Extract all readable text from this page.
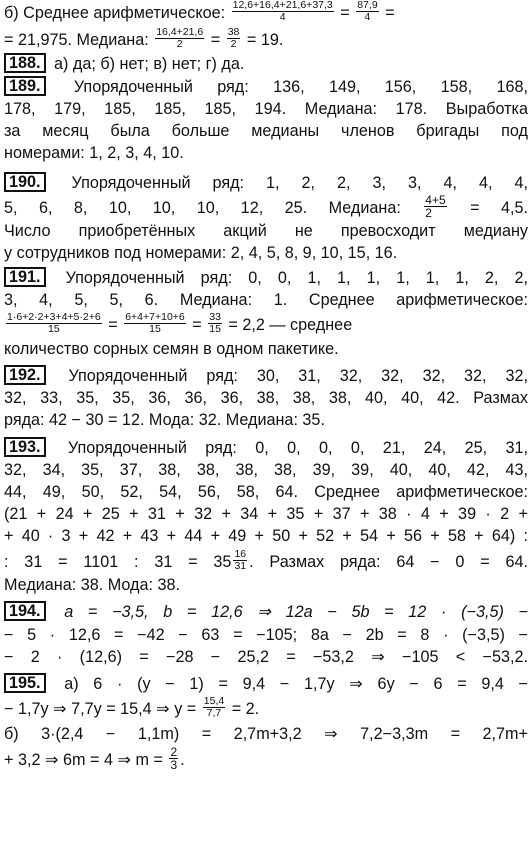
б) Среднее арифметическое: $\frac{12,6+16,4+21,6+37,3}{4} = \frac{87,9}{4}$ =
= 21,975. Медиана: $\frac{16,4+21,6}{2} = \frac{38}{2} = 19$.
188. а) да; б) нет; в) нет; г) да.
189. Упорядоченный ряд: 136, 149, 156, 158, 168,
178, 179, 185, 185, 185, 194. Медиана: 178. Выработка
за месяц была больше медианы членов бригады под
номерами: 1, 2, 3, 4, 10.
190. Упорядоченный ряд: 1, 2, 2, 3, 3, 4, 4, 4,
5, 6, 8, 10, 10, 10, 12, 25. Медиана: $\frac{4+5}{2} = 4,5$.
Число приобретённых акций не превосходит медиану
у сотрудников под номерами: 2, 4, 5, 8, 9, 10, 15, 16.
191. Упорядоченный ряд: 0, 0, 1, 1, 1, 1, 1, 1, 2, 2,
3, 4, 5, 5, 6. Медиана: 1. Среднее арифметическое:
$\frac{1\cdot 6+2\cdot 2+3+4+5\cdot 2+6}{15} = \frac{6+4+7+10+6}{15} = \frac{33}{15} = 2,2$ — среднее
количество сорных семян в одном пакетике.
192. Упорядоченный ряд: 30, 31, 32, 32, 32, 32, 32,
32, 33, 35, 35, 36, 36, 36, 38, 38, 38, 40, 40, 42. Размах
ряда: 42 − 30 = 12. Мода: 32. Медиана: 35.
193. Упорядоченный ряд: 0, 0, 0, 0, 21, 24, 25, 31,
32, 34, 35, 37, 38, 38, 38, 38, 39, 39, 40, 40, 42, 43,
44, 49, 50, 52, 54, 56, 58, 64. Среднее арифметическое:
(21 + 24 + 25 + 31 + 32 + 34 + 35 + 37 + 38 · 4 + 39 · 2 +
+ 40 · 3 + 42 + 43 + 44 + 49 + 50 + 52 + 54 + 56 + 58 + 64) :
: 31 = 1101 : $31 = 35 \frac{16}{31}$ . Размах ряда: 64 − 0 = 64.
Медиана: 38. Мода: 38.
194. a = −3,5, b = 12,6 ⇒ 12a − 5b = 12 · (−3,5) −
− 5 · 12,6 = −42 − 63 = −105; 8a − 2b = 8 · (−3,5) −
− 2 · (12,6) = −28 − 25,2 = −53,2 ⇒ −105 < −53,2.
195. а) 6 · (y − 1) = 9,4 − 1,7y ⇒ 6y − 6 = 9,4 −
− 1,7y ⇒ 7,7y = 15,4 ⇒ $y = \frac{15,4}{7,7} = 2$.
б) 3·(2,4 − 1,1m) = 2,7m+3,2 ⇒ 7,2−3,3m = 2,7m+
+ 3,2 ⇒ 6m = 4 ⇒ $m = \frac{2}{3}$ .
